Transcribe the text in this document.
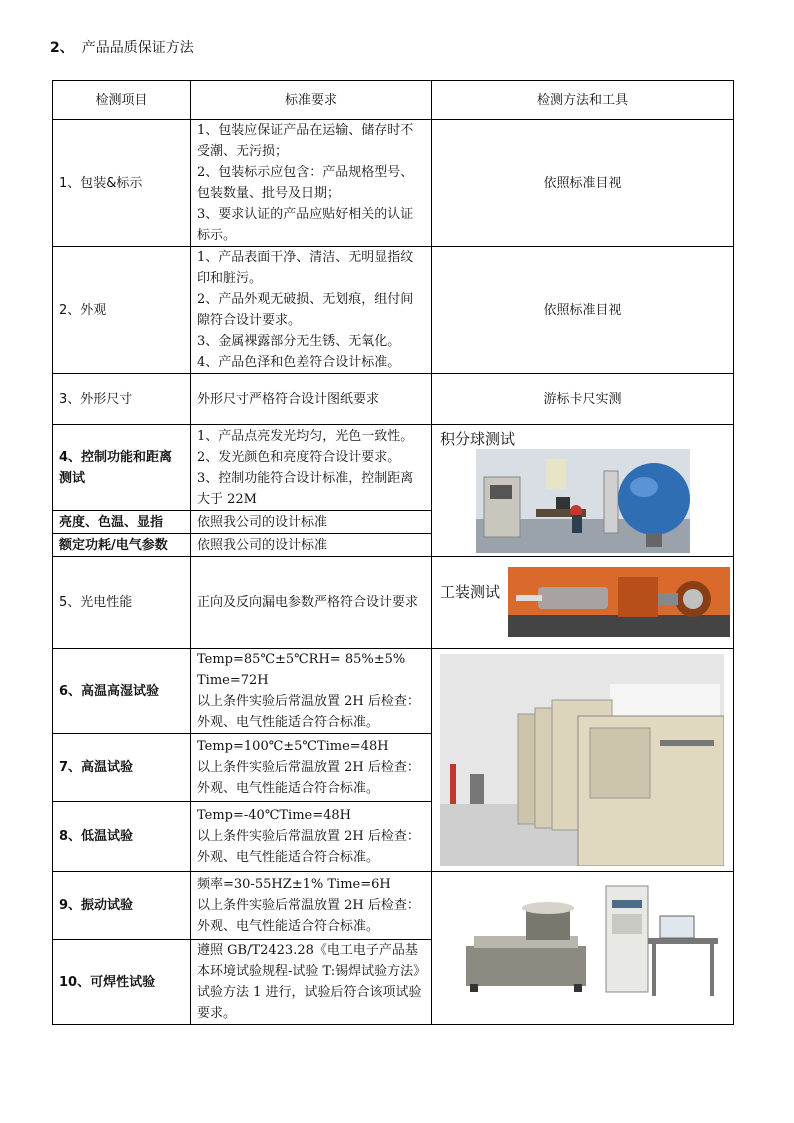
2、 产品品质保证方法
检测项目	标准要求	检测方法和工具
1、包装&标示	1、包装应保证产品在运输、储存时不受潮、无污损；

2、包装标示应包含：产品规格型号、包装数量、批号及日期；

3、要求认证的产品应贴好相关的认证标示。	依照标准目视
2、外观	1、产品表面干净、清洁、无明显指纹印和脏污。

2、产品外观无破损、无划痕，组付间隙符合设计要求。

3、金属裸露部分无生锈、无氧化。

4、产品色泽和色差符合设计标准。	依照标准目视
3、外形尺寸	外形尺寸严格符合设计图纸要求	游标卡尺实测
4、控制功能和距离测试	1、产品点亮发光均匀，光色一致性。

2、发光颜色和亮度符合设计要求。

3、控制功能符合设计标准，控制距离大于 22M	积分球测试

亮度、色温、显指	依照我公司的设计标准	

额定功耗/电气参数	依照我公司的设计标准	

5、光电性能	正向及反向漏电参数严格符合设计要求	工装测试

6、高温高湿试验	Temp=85℃±5℃RH= 85%±5%

Time=72H

以上条件实验后常温放置 2H 后检查：外观、电气性能适合符合标准。

7、高温试验	Temp=100℃±5℃Time=48H

以上条件实验后常温放置 2H 后检查：外观、电气性能适合符合标准。	

8、低温试验	Temp=-40℃Time=48H

以上条件实验后常温放置 2H 后检查：外观、电气性能适合符合标准。	

9、振动试验	频率=30-55HZ±1% Time=6H

以上条件实验后常温放置 2H 后检查：外观、电气性能适合符合标准。

10、可焊性试验	遵照 GB/T2423.28《电工电子产品基本环境试验规程-试验 T:锡焊试验方法》试验方法 1 进行，试验后符合该项试验要求。	
